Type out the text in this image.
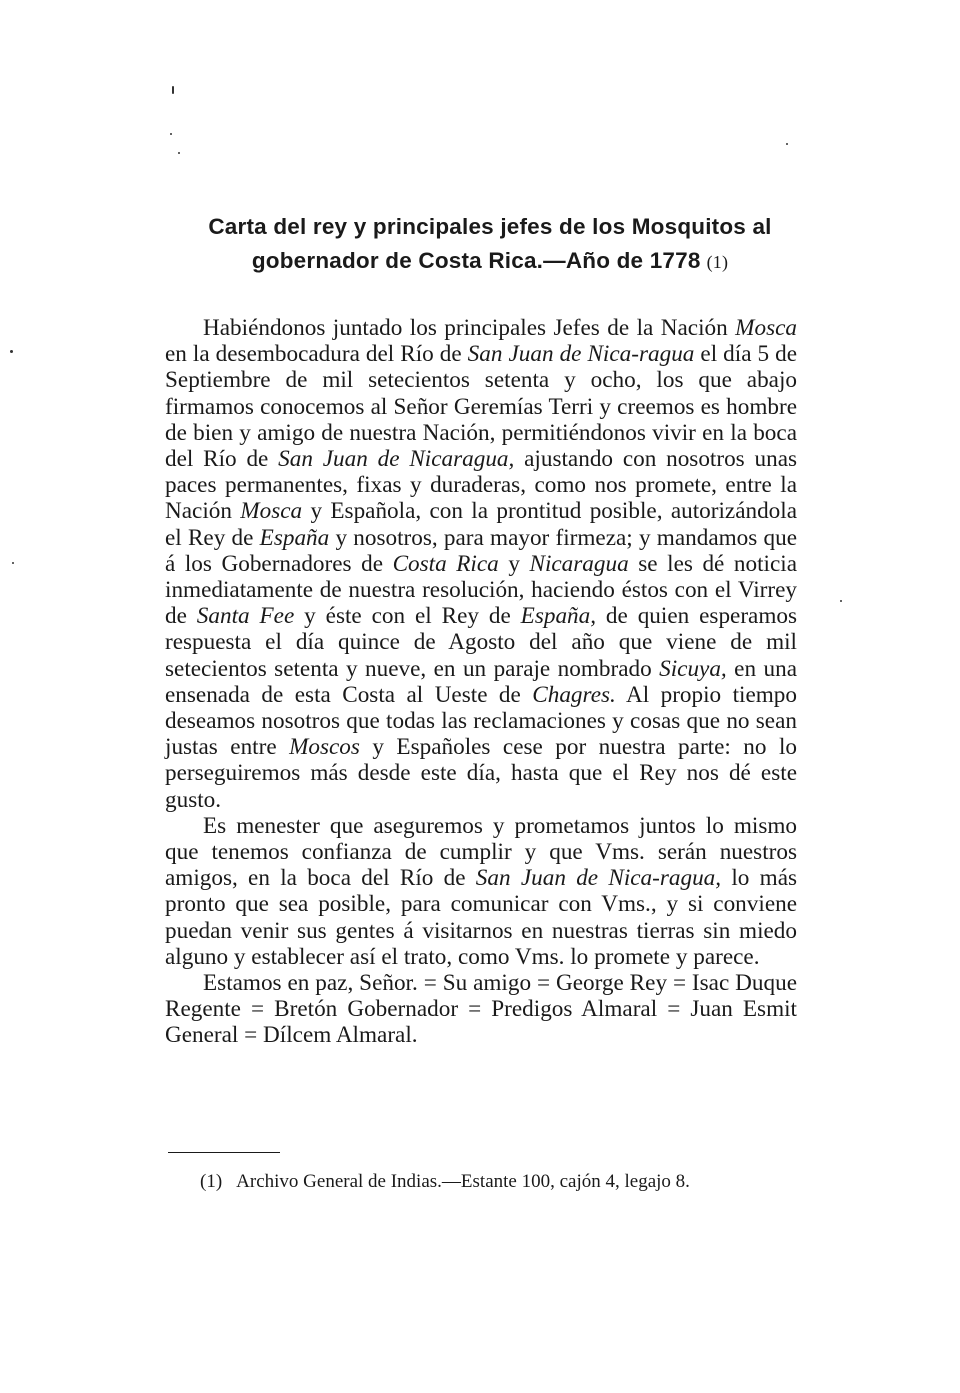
Carta del rey y principales jefes de los Mosquitos al
gobernador de Costa Rica.—Año de 1778 (1)

Habiéndonos juntado los principales Jefes de la Nación Mosca en la desembocadura del Río de San Juan de Nica-ragua el día 5 de Septiembre de mil setecientos setenta y ocho, los que abajo firmamos conocemos al Señor Geremías Terri y creemos es hombre de bien y amigo de nuestra Nación, permitiéndonos vivir en la boca del Río de San Juan de Nicaragua, ajustando con nosotros unas paces permanentes, fixas y duraderas, como nos promete, entre la Nación Mosca y Española, con la prontitud posible, autorizándola el Rey de España y nosotros, para mayor firmeza; y mandamos que á los Gobernadores de Costa Rica y Nicaragua se les dé noticia inmediatamente de nuestra resolución, haciendo éstos con el Virrey de Santa Fee y éste con el Rey de España, de quien esperamos respuesta el día quince de Agosto del año que viene de mil setecientos setenta y nueve, en un paraje nombrado Sicuya, en una ensenada de esta Costa al Ueste de Chagres. Al propio tiempo deseamos nosotros que todas las reclamaciones y cosas que no sean justas entre Moscos y Españoles cese por nuestra parte: no lo perseguiremos más desde este día, hasta que el Rey nos dé este gusto.

Es menester que aseguremos y prometamos juntos lo mismo que tenemos confianza de cumplir y que Vms. serán nuestros amigos, en la boca del Río de San Juan de Nica-ragua, lo más pronto que sea posible, para comunicar con Vms., y si conviene puedan venir sus gentes á visitarnos en nuestras tierras sin miedo alguno y establecer así el trato, como Vms. lo promete y parece.

Estamos en paz, Señor. = Su amigo = George Rey = Isac Duque Regente = Bretón Gobernador = Predigos Almaral = Juan Esmit General = Dílcem Almaral.

(1) Archivo General de Indias.—Estante 100, cajón 4, legajo 8.
